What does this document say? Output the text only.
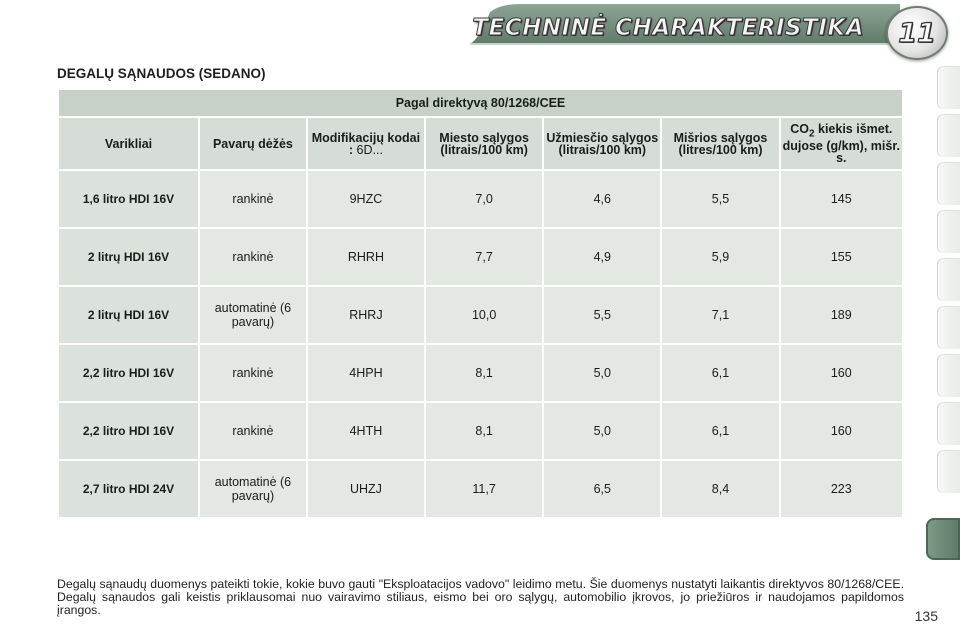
TECHNINĖ CHARAKTERISTIKA 11
DEGALŲ SĄNAUDOS (SEDANO)
Pagal direktyvą 80/1268/CEE						
Varikliai	Pavarų dėžės	Modifikacijų kodai : 6D...	Miesto sąlygos (litrais/100 km)	Užmiesčio sąlygos (litrais/100 km)	Mišrios sąlygos (litres/100 km)	$CO_2$ kiekis išmet. dujose (g/km), mišr. s.
1,6 litro HDI 16V	rankinė	9HZC	7,0	4,6	5,5	145
2 litrų HDI 16V	rankinė	RHRH	7,7	4,9	5,9	155
2 litrų HDI 16V	automatinė (6 pavarų)	RHRJ	10,0	5,5	7,1	189
2,2 litro HDI 16V	rankinė	4HPH	8,1	5,0	6,1	160
2,2 litro HDI 16V	rankinė	4HTH	8,1	5,0	6,1	160
2,7 litro HDI 24V	automatinė (6 pavarų)	UHZJ	11,7	6,5	8,4	223
Degalų sąnaudų duomenys pateikti tokie, kokie buvo gauti "Eksploatacijos vadovo" leidimo metu. Šie duomenys nustatyti laikantis direktyvos 80/1268/CEE. Degalų sąnaudos gali keistis priklausomai nuo vairavimo stiliaus, eismo bei oro sąlygų, automobilio įkrovos, jo priežiūros ir naudojamos papildomos įrangos.	135
